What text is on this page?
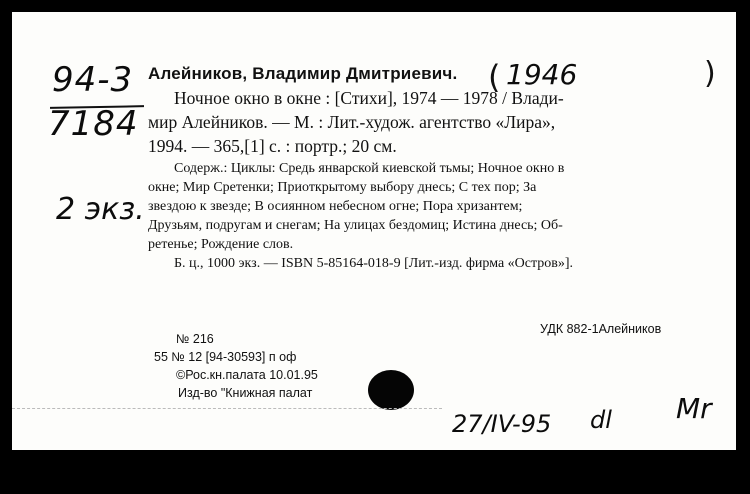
94-3
7184
2 экз.
( 1946	)
Алейников, Владимир Дмитриевич.
Ночное окно в окне : [Стихи], 1974 — 1978 / Влади-
мир Алейников. — М. : Лит.-худож. агентство «Лира»,
1994. — 365,[1] с. : портр.; 20 см.
Содерж.: Циклы: Средь январской киевской тьмы; Ночное окно в
окне; Мир Сретенки; Приоткрытому выбору днесь; С тех пор; За
звездою к звезде; В осиянном небесном огне; Пора хризантем;
Друзьям, подругам и снегам; На улицах бездомиц; Истина днесь; Об-
ретенье; Рождение слов.
Б. ц., 1000 экз. — ISBN 5-85164-018-9 [Лит.-изд. фирма «Остров»].
УДК 882-1Алейников
№ 216
55 № 12 [94-30593] п оф
©Рос.кн.палата 10.01.95
Изд-во "Книжная палат
27/IV-95 dl Mr
